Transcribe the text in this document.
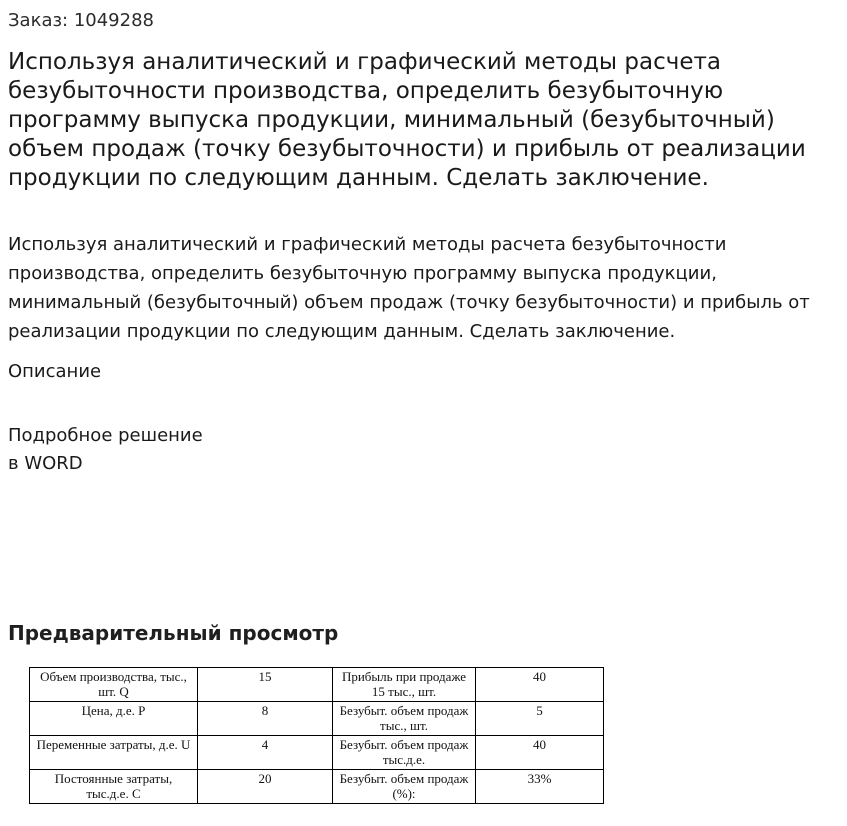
Заказ: 1049288

Используя аналитический и графический методы расчета безубыточности производства, определить безубыточную программу выпуска продукции, минимальный (безубыточный) объем продаж (точку безубыточности) и прибыль от реализации продукции по следующим данным. Сделать заключение.

Используя аналитический и графический методы расчета безубыточности производства, определить безубыточную программу выпуска продукции, минимальный (безубыточный) объем продаж (точку безубыточности) и прибыль от реализации продукции по следующим данным. Сделать заключение.

Описание

Подробное решение
в WORD

Предварительный просмотр
Объем производства, тыс., шт. Q	15	Прибыль при продаже 15 тыс., шт.	40

Цена, д.е. P	8	Безубыт. объем продаж тыс., шт.	5

Переменные затраты, д.е. U	4	Безубыт. объем продаж тыс.д.е.	40

Постоянные затраты, тыс.д.е. C	20	Безубыт. объем продаж (%):	33%
